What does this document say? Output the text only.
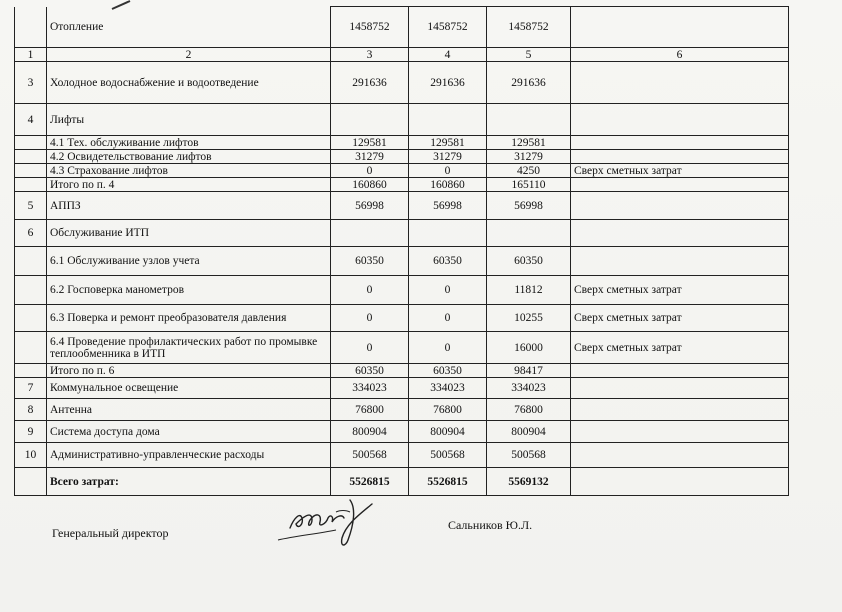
	Отопление	1458752	1458752	1458752	
1	2	3	4	5	6
3	Холодное водоснабжение и водоотведение	291636	291636	291636	
4	Лифты				
	4.1 Тех. обслуживание лифтов	129581	129581	129581	
	4.2 Освидетельствование лифтов	31279	31279	31279	
	4.3 Страхование лифтов	0	0	4250	Сверх сметных затрат
	Итого по п. 4	160860	160860	165110	
5	АППЗ	56998	56998	56998	
6	Обслуживание ИТП				
	6.1 Обслуживание узлов учета	60350	60350	60350	
	6.2 Госповерка манометров	0	0	11812	Сверх сметных затрат
	6.3 Поверка и ремонт преобразователя давления	0	0	10255	Сверх сметных затрат
	6.4 Проведение профилактических работ по промывке теплообменника в ИТП	0	0	16000	Сверх сметных затрат
	Итого по п. 6	60350	60350	98417	
7	Коммунальное освещение	334023	334023	334023	
8	Антенна	76800	76800	76800	
9	Система доступа дома	800904	800904	800904	
10	Административно-управленческие расходы	500568	500568	500568	
	Всего затрат:	5526815	5526815	5569132	
Генеральный директор
Сальников Ю.Л.
